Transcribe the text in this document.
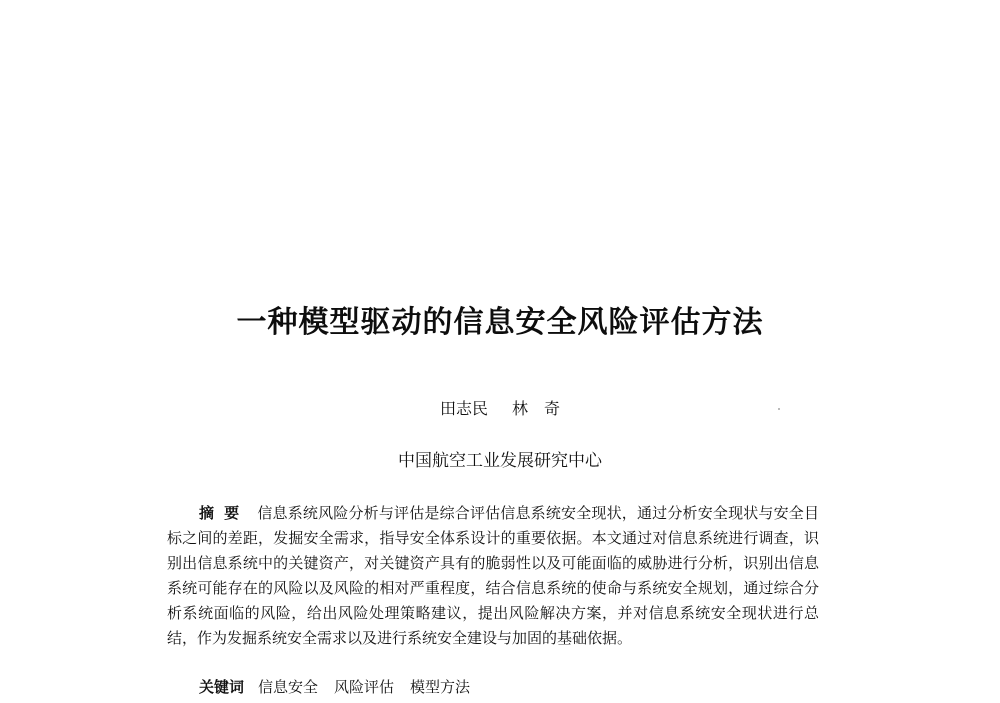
一种模型驱动的信息安全风险评估方法
田志民 林　奇
中国航空工业发展研究中心
摘要 信息系统风险分析与评估是综合评估信息系统安全现状，通过分析安全现状与安全目标之间的差距，发掘安全需求，指导安全体系设计的重要依据。本文通过对信息系统进行调查，识别出信息系统中的关键资产，对关键资产具有的脆弱性以及可能面临的威胁进行分析，识别出信息系统可能存在的风险以及风险的相对严重程度，结合信息系统的使命与系统安全规划，通过综合分析系统面临的风险，给出风险处理策略建议，提出风险解决方案，并对信息系统安全现状进行总结，作为发掘系统安全需求以及进行系统安全建设与加固的基础依据。
关键词 信息安全 风险评估 模型方法
